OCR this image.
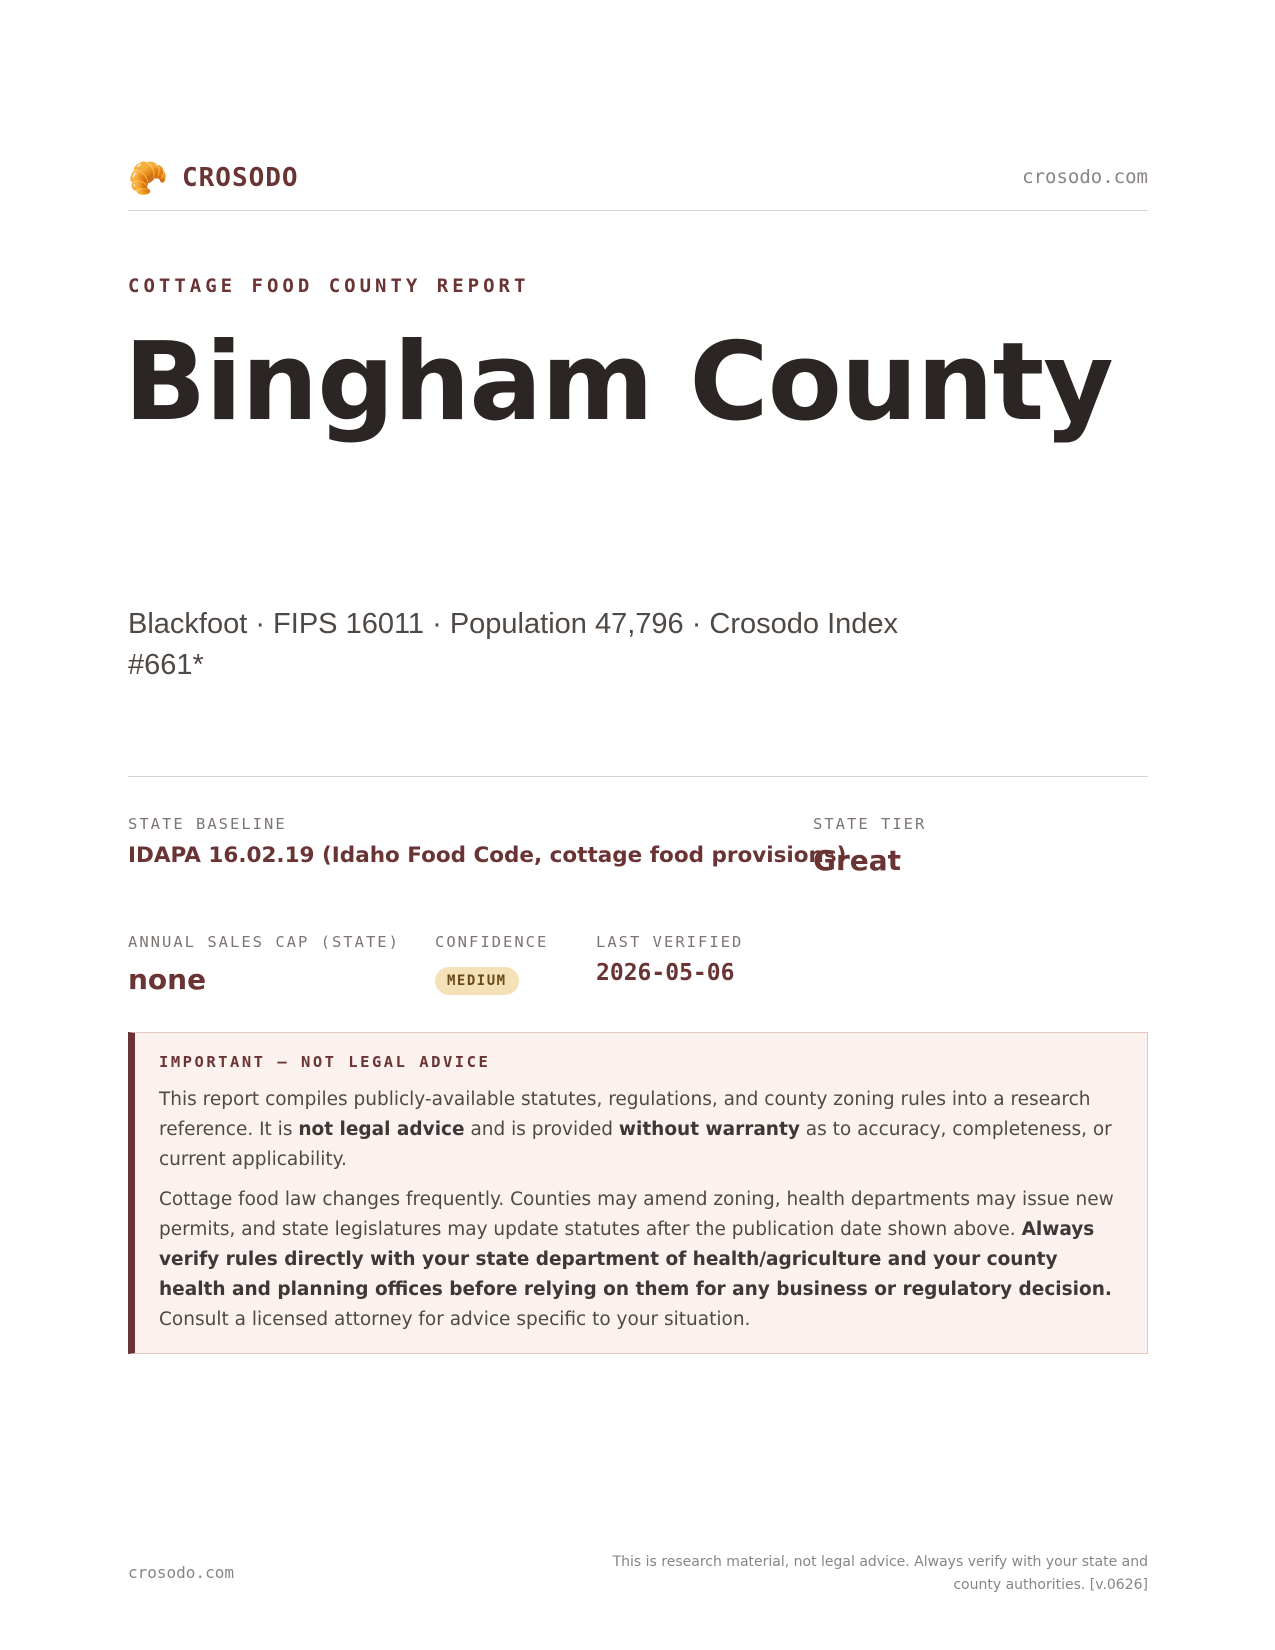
🥐 CROSODO	crosodo.com
COTTAGE FOOD COUNTY REPORT
Bingham County
Blackfoot · FIPS 16011 · Population 47,796 · Crosodo Index #661*
STATE BASELINE
IDAPA 16.02.19 (Idaho Food Code, cottage food provisions)
STATE TIER
Great
ANNUAL SALES CAP (STATE)
none
CONFIDENCE
MEDIUM
LAST VERIFIED
2026-05-06
IMPORTANT — NOT LEGAL ADVICE

This report compiles publicly-available statutes, regulations, and county zoning rules into a research reference. It is not legal advice and is provided without warranty as to accuracy, completeness, or current applicability.

Cottage food law changes frequently. Counties may amend zoning, health departments may issue new permits, and state legislatures may update statutes after the publication date shown above. Always verify rules directly with your state department of health/agriculture and your county health and planning offices before relying on them for any business or regulatory decision. Consult a licensed attorney for advice specific to your situation.

crosodo.com
This is research material, not legal advice. Always verify with your state and county authorities. [v.0626]
